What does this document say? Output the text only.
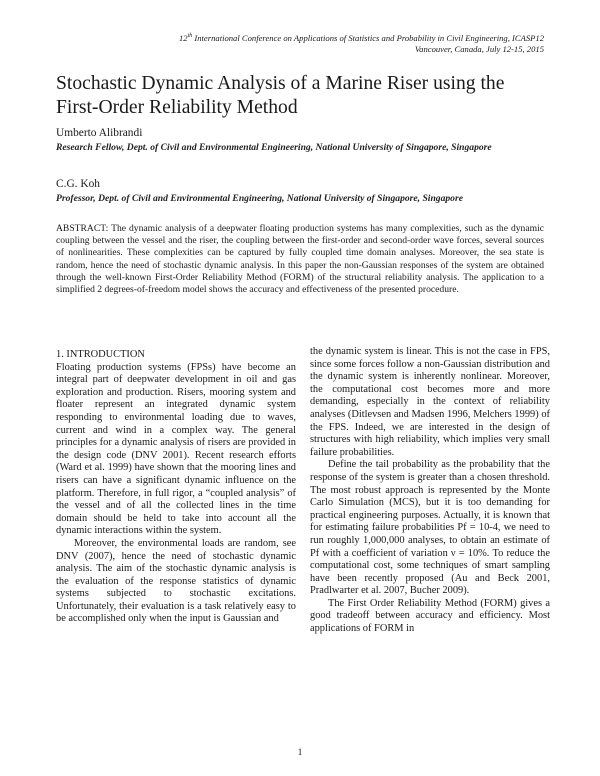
12th International Conference on Applications of Statistics and Probability in Civil Engineering, ICASP12
Vancouver, Canada, July 12-15, 2015
Stochastic Dynamic Analysis of a Marine Riser using the First-Order Reliability Method
Umberto Alibrandi
Research Fellow, Dept. of Civil and Environmental Engineering, National University of Singapore, Singapore
C.G. Koh
Professor, Dept. of Civil and Environmental Engineering, National University of Singapore, Singapore
ABSTRACT: The dynamic analysis of a deepwater floating production systems has many complexities, such as the dynamic coupling between the vessel and the riser, the coupling between the first-order and second-order wave forces, several sources of nonlinearities. These complexities can be captured by fully coupled time domain analyses. Moreover, the sea state is random, hence the need of stochastic dynamic analysis. In this paper the non-Gaussian responses of the system are obtained through the well-known First-Order Reliability Method (FORM) of the structural reliability analysis. The application to a simplified 2 degrees-of-freedom model shows the accuracy and effectiveness of the presented procedure.

1. INTRODUCTION

Floating production systems (FPSs) have become an integral part of deepwater development in oil and gas exploration and production. Risers, mooring system and floater represent an integrated dynamic system responding to environmental loading due to waves, current and wind in a complex way. The general principles for a dynamic analysis of risers are provided in the design code (DNV 2001). Recent research efforts (Ward et al. 1999) have shown that the mooring lines and risers can have a significant dynamic influence on the platform. Therefore, in full rigor, a “coupled analysis” of the vessel and of all the collected lines in the time domain should be held to take into account all the dynamic interactions within the system.

Moreover, the environmental loads are random, see DNV (2007), hence the need of stochastic dynamic analysis. The aim of the stochastic dynamic analysis is the evaluation of the response statistics of dynamic systems subjected to stochastic excitations. Unfortunately, their evaluation is a task relatively easy to be accomplished only when the input is Gaussian and

the dynamic system is linear. This is not the case in FPS, since some forces follow a non-Gaussian distribution and the dynamic system is inherently nonlinear. Moreover, the computational cost becomes more and more demanding, especially in the context of reliability analyses (Ditlevsen and Madsen 1996, Melchers 1999) of the FPS. Indeed, we are interested in the design of structures with high reliability, which implies very small failure probabilities.

Define the tail probability as the probability that the response of the system is greater than a chosen threshold. The most robust approach is represented by the Monte Carlo Simulation (MCS), but it is too demanding for practical engineering purposes. Actually, it is known that for estimating failure probabilities Pf = 10-4, we need to run roughly 1,000,000 analyses, to obtain an estimate of Pf with a coefficient of variation ν = 10%. To reduce the computational cost, some techniques of smart sampling have been recently proposed (Au and Beck 2001, Pradlwarter et al. 2007, Bucher 2009).

The First Order Reliability Method (FORM) gives a good tradeoff between accuracy and efficiency. Most applications of FORM in

1
